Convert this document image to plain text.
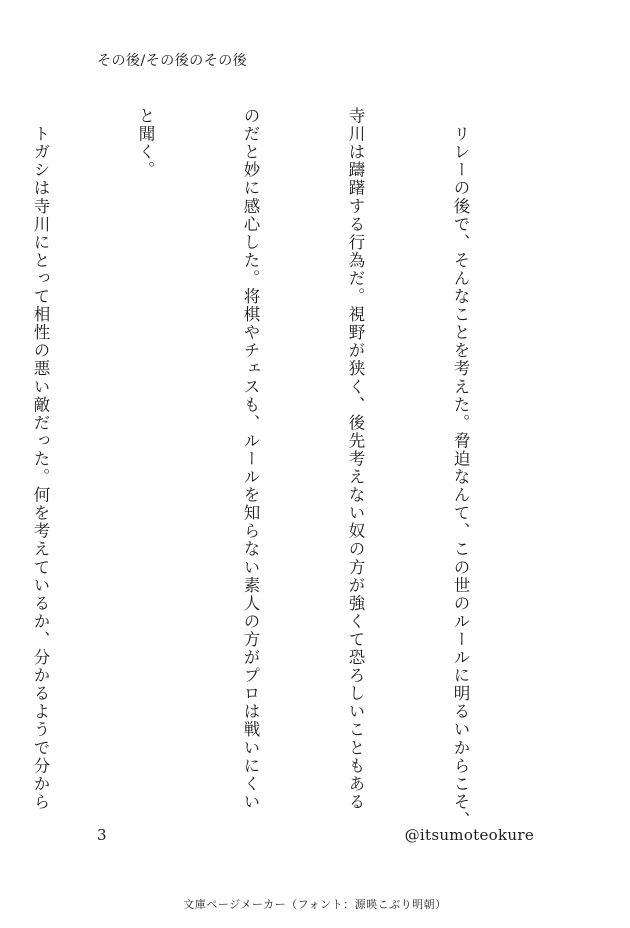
その後/その後のその後

　リレーの後で、そんなことを考えた。脅迫なんて、この世のルールに明るいからこそ、

寺川は躊躇する行為だ。視野が狭く、後先考えない奴の方が強くて恐ろしいこともある

のだと妙に感心した。将棋やチェスも、ルールを知らない素人の方がプロは戦いにくい

と聞く。

　トガシは寺川にとって相性の悪い敵だった。何を考えているか、分かるようで分から

3	@itsumoteokure
文庫ページメーカー（フォント：源暎こぶり明朝）
